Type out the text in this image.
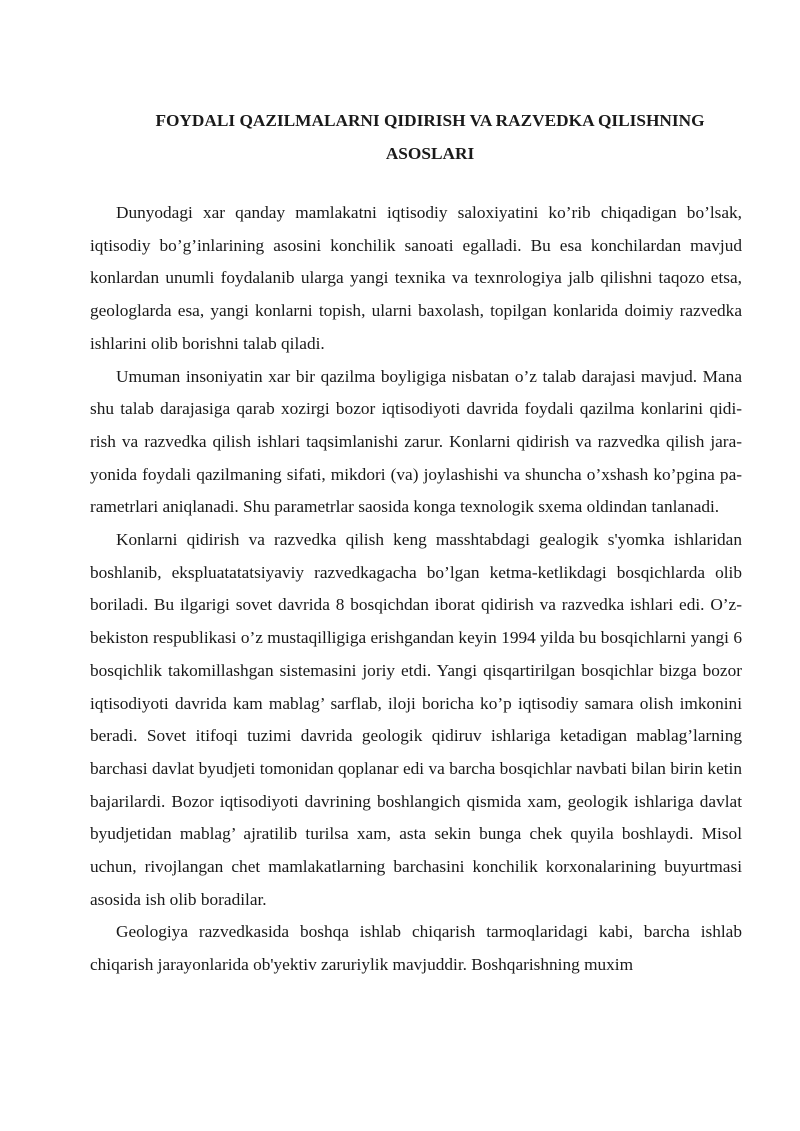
FOYDALI QAZILMALARNI QIDIRISH VA RAZVEDKA QILISHNING
ASOSLARI

Dunyodagi xar qanday mamlakatni iqtisodiy saloxiyatini ko’rib chiqadigan bo’lsak, iqtisodiy bo’g’inlarining asosini konchilik sanoati egalladi. Bu esa konchilardan mavjud konlardan unumli foydalanib ularga yangi texnika va texnrologiya jalb qilishni taqozo etsa, geologlarda esa, yangi konlarni topish, ularni baxolash, topilgan konlarida doimiy razvedka ishlarini olib borishni talab qiladi.

Umuman insoniyatin xar bir qazilma boyligiga nisbatan o’z talab darajasi mavjud. Mana shu talab darajasiga qarab xozirgi bozor iqtisodiyoti davrida foydali qazilma konlarini qidi-rish va razvedka qilish ishlari taqsimlanishi zarur. Konlarni qidirish va razvedka qilish jara-yonida foydali qazilmaning sifati, mikdori (va) joylashishi va shuncha o’xshash ko’pgina pa-rametrlari aniqlanadi. Shu parametrlar saosida konga texnologik sxema oldindan tanlanadi.

Konlarni qidirish va razvedka qilish keng masshtabdagi gealogik s'yomka ishlaridan boshlanib, ekspluatatatsiyaviy razvedkagacha bo’lgan ketma-ketlikdagi bosqichlarda olib boriladi. Bu ilgarigi sovet davrida 8 bosqichdan iborat qidirish va razvedka ishlari edi. O’z-bekiston respublikasi o’z mustaqilligiga erishgandan keyin 1994 yilda bu bosqichlarni yangi 6 bosqichlik takomillashgan sistemasini joriy etdi. Yangi qisqartirilgan bosqichlar bizga bozor iqtisodiyoti davrida kam mablag’ sarflab, iloji boricha ko’p iqtisodiy samara olish imkonini beradi. Sovet itifoqi tuzimi davrida geologik qidiruv ishlariga ketadigan mablag’larning barchasi davlat byudjeti tomonidan qoplanar edi va barcha bosqichlar navbati bilan birin ketin bajarilardi. Bozor iqtisodiyoti davrining boshlangich qismida xam, geologik ishlariga davlat byudjetidan mablag’ ajratilib turilsa xam, asta sekin bunga chek quyila boshlaydi. Misol uchun, rivojlangan chet mamlakatlarning barchasini konchilik korxonalarining buyurtmasi asosida ish olib boradilar.

Geologiya razvedkasida boshqa ishlab chiqarish tarmoqlaridagi kabi, barcha ishlab chiqarish jarayonlarida ob'yektiv zaruriylik mavjuddir. Boshqarishning muxim
